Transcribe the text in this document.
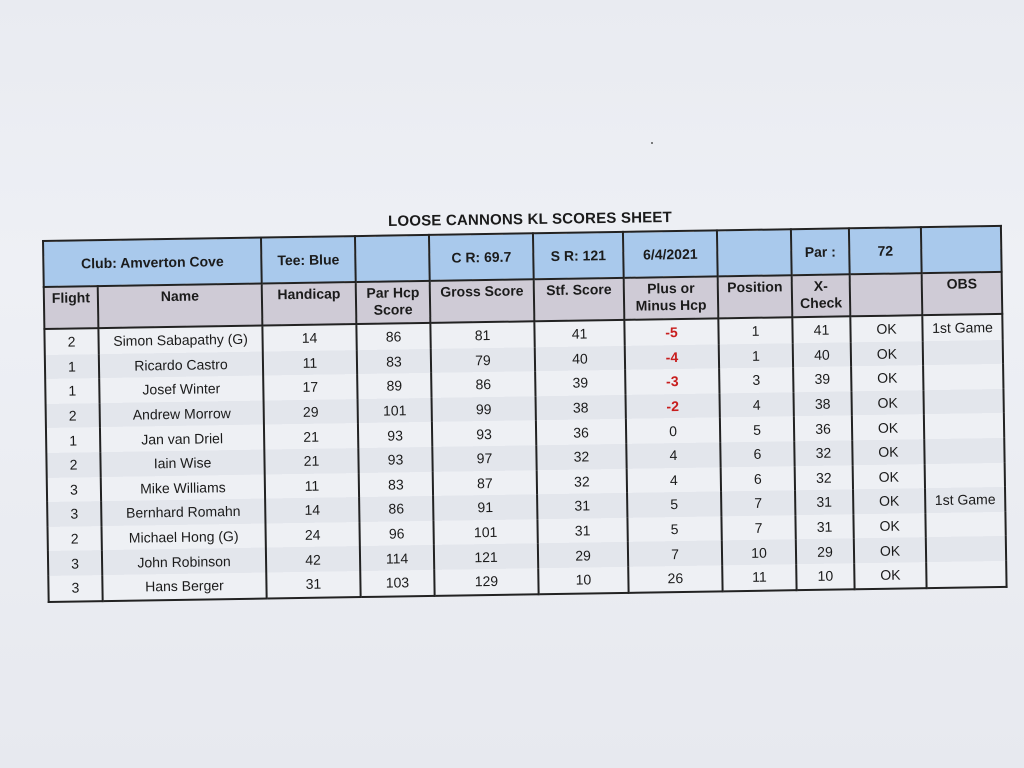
LOOSE CANNONS KL SCORES SHEET
Club: Amverton Cove		Tee: Blue		C R: 69.7	S R: 121	6/4/2021		Par :	72	
Flight	Name	Handicap	Par Hcp Score	Gross Score	Stf. Score	Plus or Minus Hcp	Position	X- Check		OBS
2	Simon Sabapathy (G)	14	86	81	41	-5	1	41	OK	1st Game
1	Ricardo Castro	11	83	79	40	-4	1	40	OK	
1	Josef Winter	17	89	86	39	-3	3	39	OK	
2	Andrew Morrow	29	101	99	38	-2	4	38	OK	
1	Jan van Driel	21	93	93	36	0	5	36	OK	
2	Iain Wise	21	93	97	32	4	6	32	OK	
3	Mike Williams	11	83	87	32	4	6	32	OK	
3	Bernhard Romahn	14	86	91	31	5	7	31	OK	1st Game
2	Michael Hong (G)	24	96	101	31	5	7	31	OK	
3	John Robinson	42	114	121	29	7	10	29	OK	
3	Hans Berger	31	103	129	10	26	11	10	OK	
